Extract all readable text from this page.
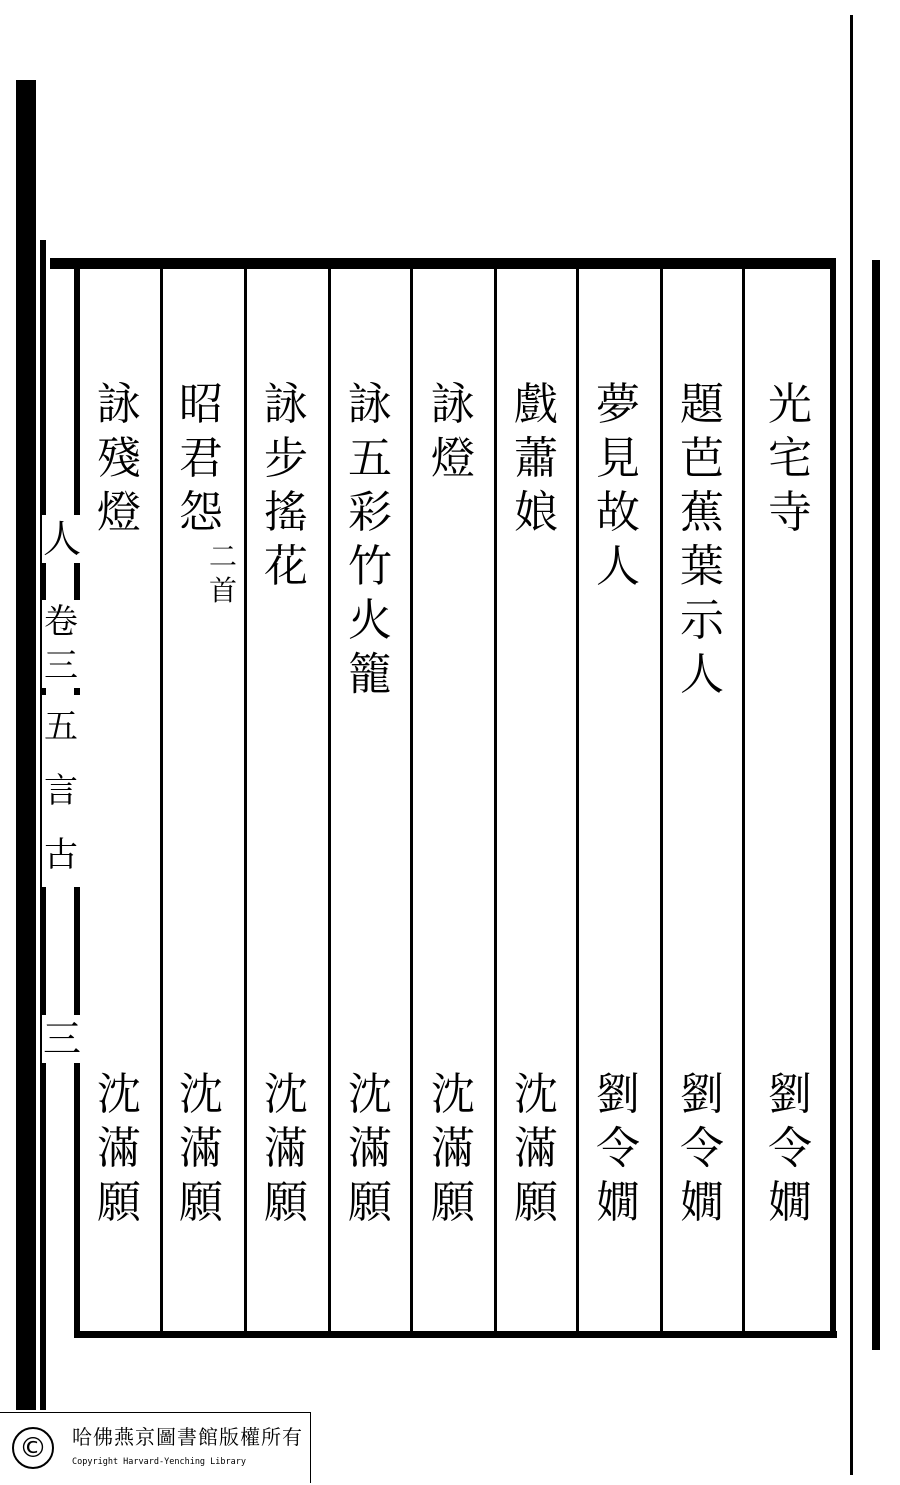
人
卷三
五言古
三
光
宅
寺
劉
令
嫺
題
芭
蕉
葉
示
人
劉
令
嫺
夢
見
故
人
劉
令
嫺
戲
蕭
娘
沈
滿
願
詠
燈
沈
滿
願
詠
五
彩
竹
火
籠
沈
滿
願
詠
步
搖
花
沈
滿
願
昭
君
怨
二首
沈
滿
願
詠
殘
燈
沈
滿
願
©	哈佛燕京圖書館版權所有
Copyright Harvard-Yenching Library
